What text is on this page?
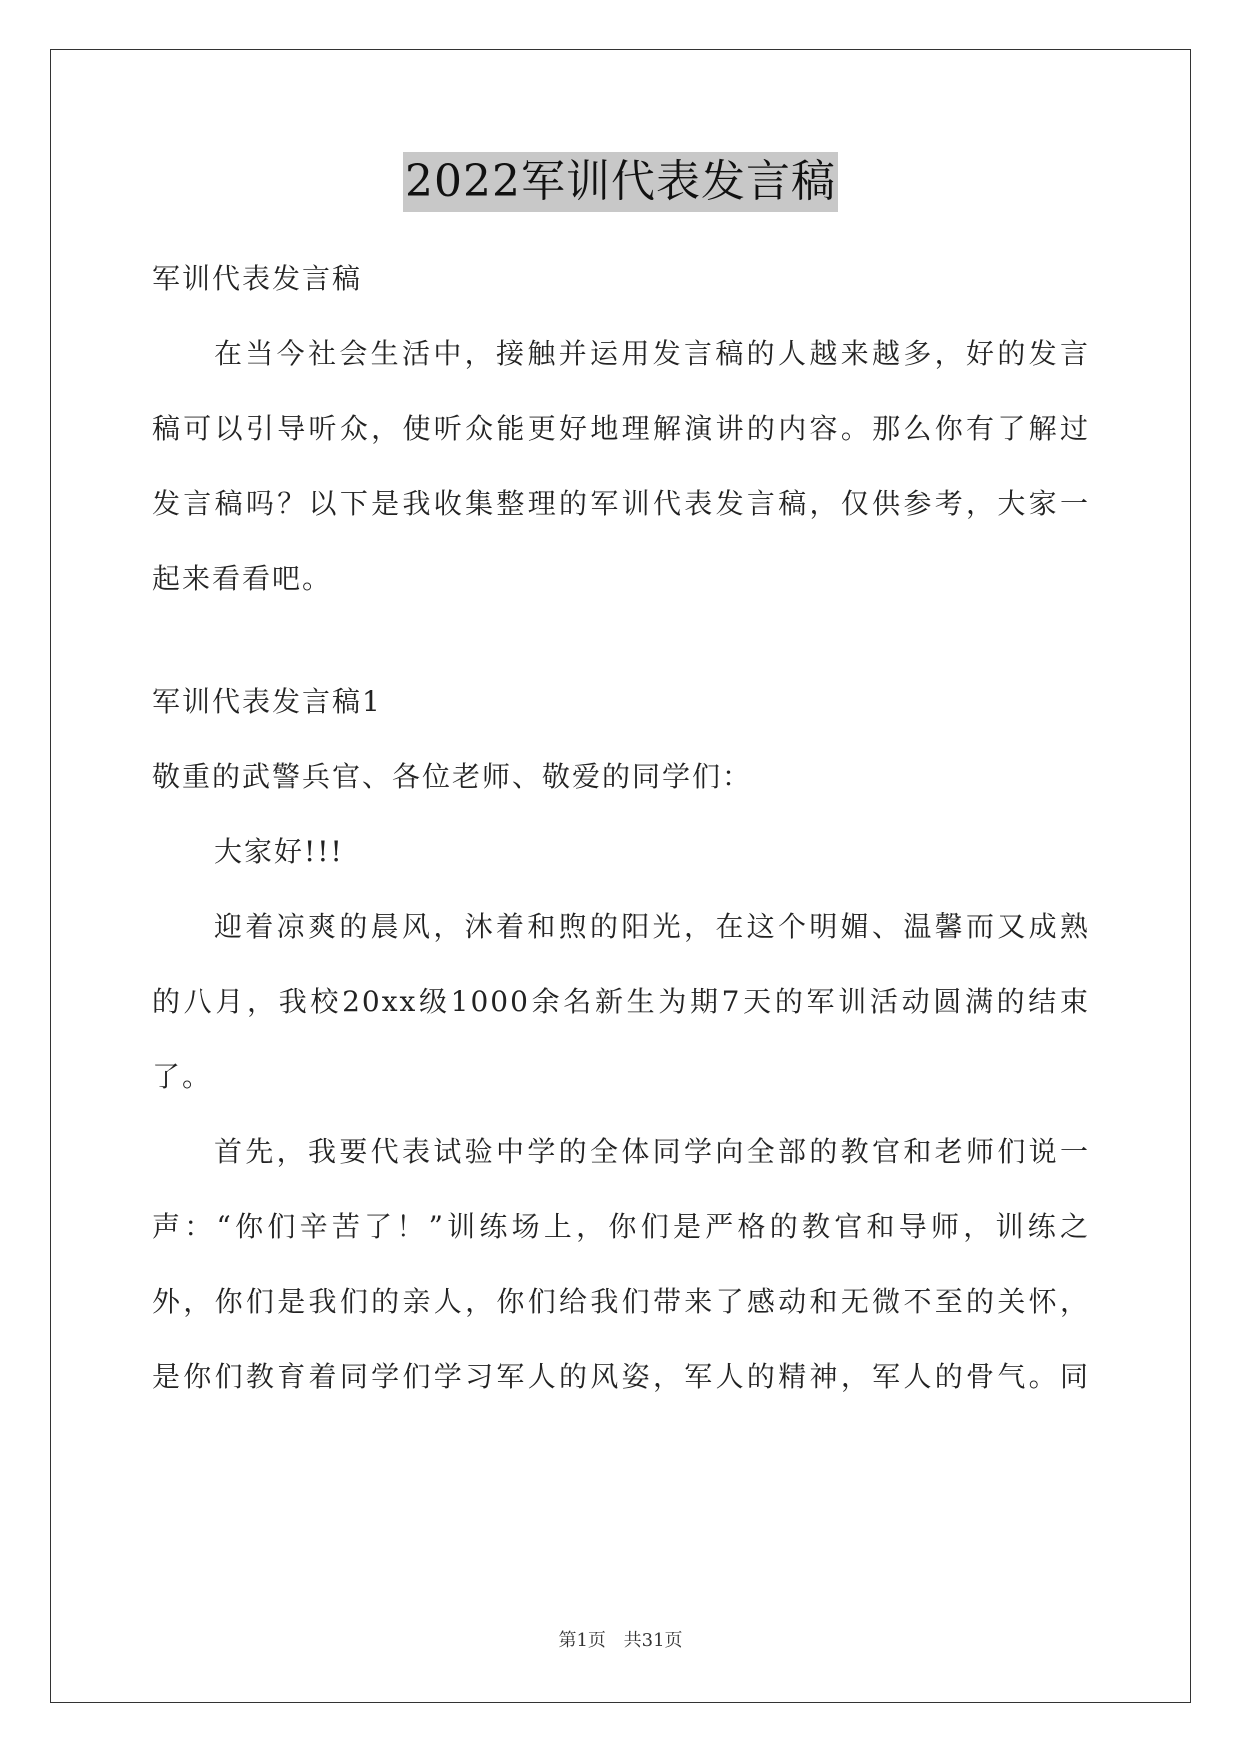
2022军训代表发言稿
军训代表发言稿
在当今社会生活中，接触并运用发言稿的人越来越多，好的发言
稿可以引导听众，使听众能更好地理解演讲的内容。那么你有了解过
发言稿吗？以下是我收集整理的军训代表发言稿，仅供参考，大家一
起来看看吧。
军训代表发言稿1
敬重的武警兵官、各位老师、敬爱的同学们：
大家好!!!
迎着凉爽的晨风，沐着和煦的阳光，在这个明媚、温馨而又成熟
的八月，我校20xx级1000余名新生为期7天的军训活动圆满的结束
了。
首先，我要代表试验中学的全体同学向全部的教官和老师们说一
声：“你们辛苦了！”训练场上，你们是严格的教官和导师，训练之
外，你们是我们的亲人，你们给我们带来了感动和无微不至的关怀，
是你们教育着同学们学习军人的风姿，军人的精神，军人的骨气。同
第1页 共31页
